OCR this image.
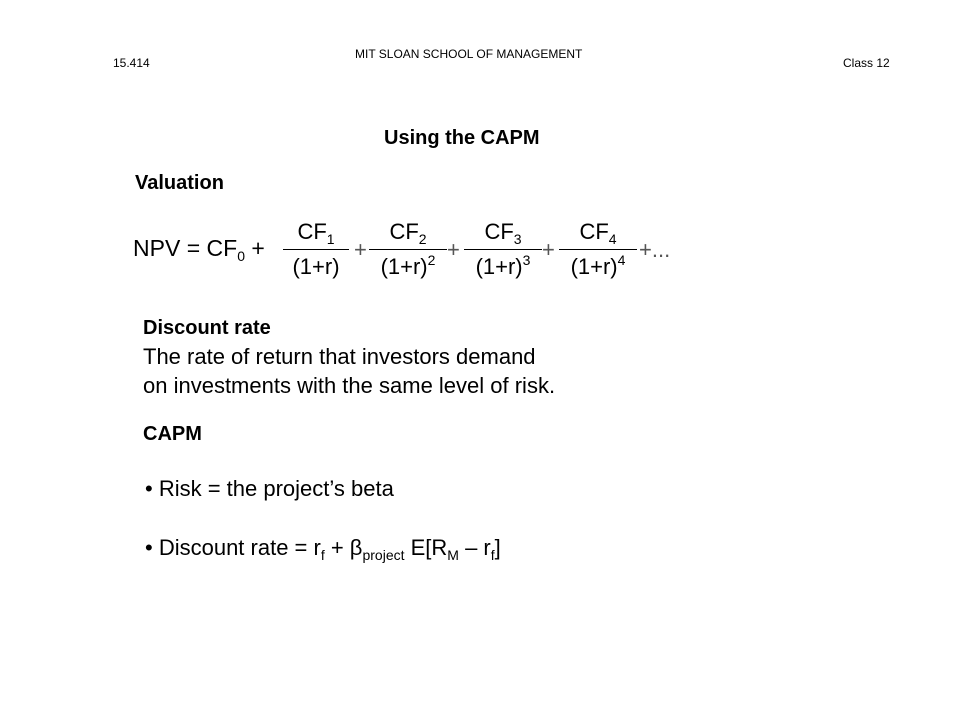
15.414
MIT SLOAN SCHOOL OF MANAGEMENT
Class 12
Using the CAPM
Valuation
NPV = $CF_0$ +
$CF_1$
(1+r)
+
$CF_2$
$(1+r)^2$ +
$CF_3$
$(1+r)^3$ +
$CF_4$
$(1+r)^4$ +...
Discount rate
The rate of return that investors demand
on investments with the same level of risk.
CAPM
• Risk = the project’s beta
• Discount rate = $r_f + \beta_{project}$ $E[R_M - r_f]$
